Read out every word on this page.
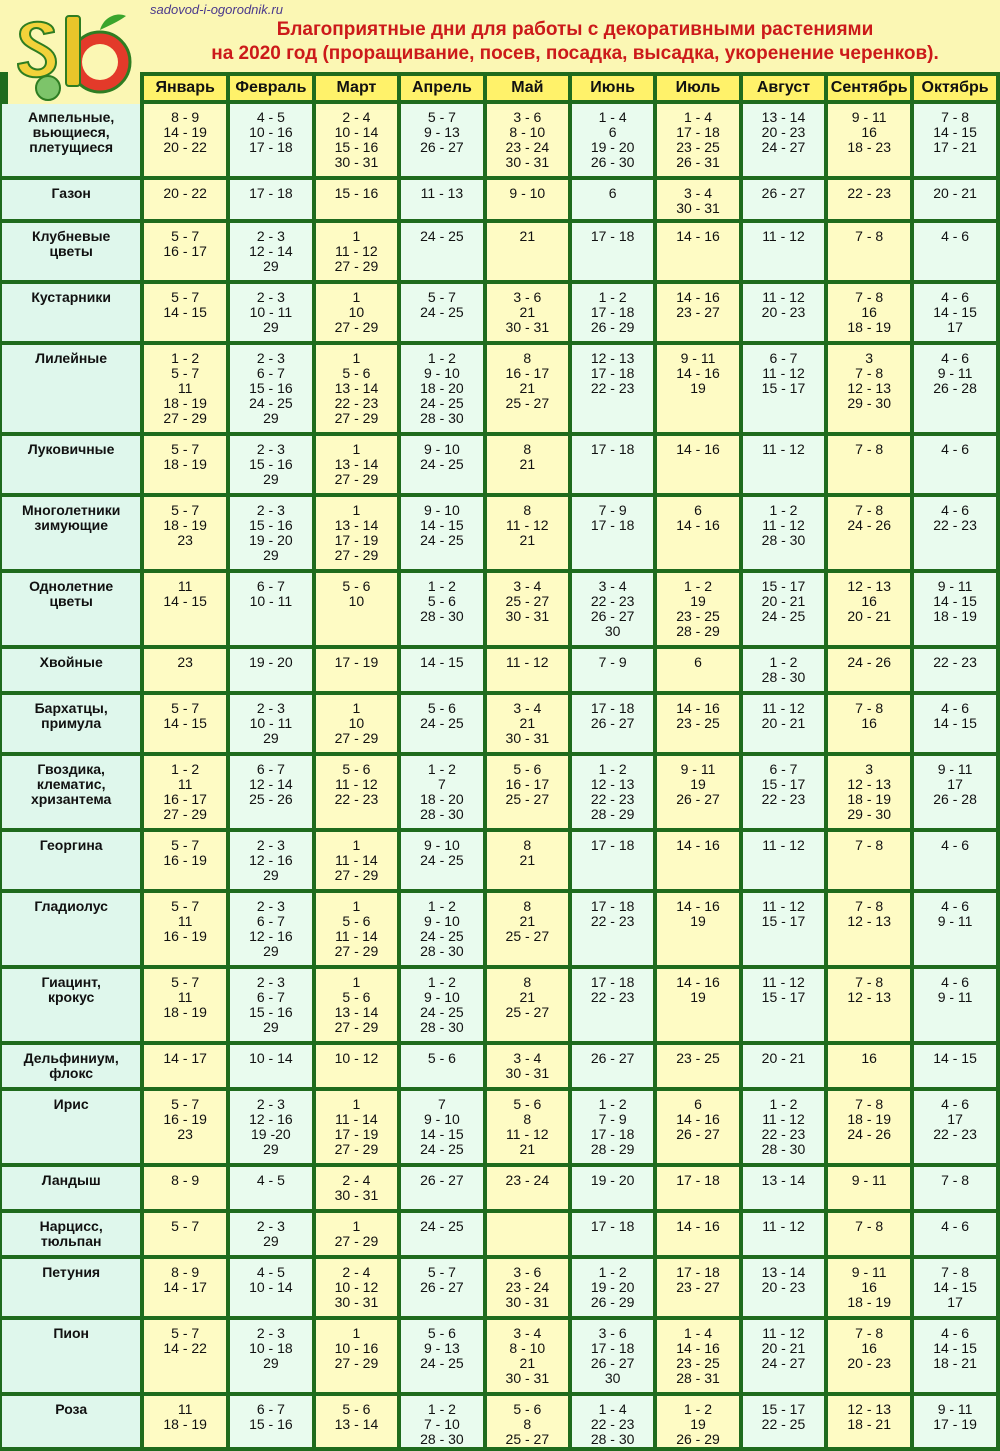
sadovod-i-ogorodnik.ru
Благоприятные дни для работы с декоративными растениями
на 2020 год (проращивание, посев, посадка, высадка, укоренение черенков).
	Январь	Февраль	Март	Апрель	Май	Июнь	Июль	Август	Сентябрь	Октябрь
Ампельные,
вьющиеся,
плетущиеся	8 - 9
14 - 19
20 - 22	4 - 5
10 - 16
17 - 18	2 - 4
10 - 14
15 - 16
30 - 31	5 - 7
9 - 13
26 - 27	3 - 6
8 - 10
23 - 24
30 - 31	1 - 4
6
19 - 20
26 - 30	1 - 4
17 - 18
23 - 25
26 - 31	13 - 14
20 - 23
24 - 27	9 - 11
16
18 - 23	7 - 8
14 - 15
17 - 21
Газон	20 - 22	17 - 18	15 - 16	11 - 13	9 - 10	6	3 - 4
30 - 31	26 - 27	22 - 23	20 - 21
Клубневые
цветы	5 - 7
16 - 17	2 - 3
12 - 14
29	1
11 - 12
27 - 29	24 - 25	21	17 - 18	14 - 16	11 - 12	7 - 8	4 - 6
Кустарники	5 - 7
14 - 15	2 - 3
10 - 11
29	1
10
27 - 29	5 - 7
24 - 25	3 - 6
21
30 - 31	1 - 2
17 - 18
26 - 29	14 - 16
23 - 27	11 - 12
20 - 23	7 - 8
16
18 - 19	4 - 6
14 - 15
17
Лилейные	1 - 2
5 - 7
11
18 - 19
27 - 29	2 - 3
6 - 7
15 - 16
24 - 25
29	1
5 - 6
13 - 14
22 - 23
27 - 29	1 - 2
9 - 10
18 - 20
24 - 25
28 - 30	8
16 - 17
21
25 - 27	12 - 13
17 - 18
22 - 23	9 - 11
14 - 16
19	6 - 7
11 - 12
15 - 17	3
7 - 8
12 - 13
29 - 30	4 - 6
9 - 11
26 - 28
Луковичные	5 - 7
18 - 19	2 - 3
15 - 16
29	1
13 - 14
27 - 29	9 - 10
24 - 25	8
21	17 - 18	14 - 16	11 - 12	7 - 8	4 - 6
Многолетники
зимующие	5 - 7
18 - 19
23	2 - 3
15 - 16
19 - 20
29	1
13 - 14
17 - 19
27 - 29	9 - 10
14 - 15
24 - 25	8
11 - 12
21	7 - 9
17 - 18	6
14 - 16	1 - 2
11 - 12
28 - 30	7 - 8
24 - 26	4 - 6
22 - 23
Однолетние
цветы	11
14 - 15	6 - 7
10 - 11	5 - 6
10	1 - 2
5 - 6
28 - 30	3 - 4
25 - 27
30 - 31	3 - 4
22 - 23
26 - 27
30	1 - 2
19
23 - 25
28 - 29	15 - 17
20 - 21
24 - 25	12 - 13
16
20 - 21	9 - 11
14 - 15
18 - 19
Хвойные	23	19 - 20	17 - 19	14 - 15	11 - 12	7 - 9	6	1 - 2
28 - 30	24 - 26	22 - 23
Бархатцы,
примула	5 - 7
14 - 15	2 - 3
10 - 11
29	1
10
27 - 29	5 - 6
24 - 25	3 - 4
21
30 - 31	17 - 18
26 - 27	14 - 16
23 - 25	11 - 12
20 - 21	7 - 8
16	4 - 6
14 - 15
Гвоздика,
клематис,
хризантема	1 - 2
11
16 - 17
27 - 29	6 - 7
12 - 14
25 - 26	5 - 6
11 - 12
22 - 23	1 - 2
7
18 - 20
28 - 30	5 - 6
16 - 17
25 - 27	1 - 2
12 - 13
22 - 23
28 - 29	9 - 11
19
26 - 27	6 - 7
15 - 17
22 - 23	3
12 - 13
18 - 19
29 - 30	9 - 11
17
26 - 28
Георгина	5 - 7
16 - 19	2 - 3
12 - 16
29	1
11 - 14
27 - 29	9 - 10
24 - 25	8
21	17 - 18	14 - 16	11 - 12	7 - 8	4 - 6
Гладиолус	5 - 7
11
16 - 19	2 - 3
6 - 7
12 - 16
29	1
5 - 6
11 - 14
27 - 29	1 - 2
9 - 10
24 - 25
28 - 30	8
21
25 - 27	17 - 18
22 - 23	14 - 16
19	11 - 12
15 - 17	7 - 8
12 - 13	4 - 6
9 - 11
Гиацинт,
крокус	5 - 7
11
18 - 19	2 - 3
6 - 7
15 - 16
29	1
5 - 6
13 - 14
27 - 29	1 - 2
9 - 10
24 - 25
28 - 30	8
21
25 - 27	17 - 18
22 - 23	14 - 16
19	11 - 12
15 - 17	7 - 8
12 - 13	4 - 6
9 - 11
Дельфиниум,
флокс	14 - 17	10 - 14	10 - 12	5 - 6	3 - 4
30 - 31	26 - 27	23 - 25	20 - 21	16	14 - 15
Ирис	5 - 7
16 - 19
23	2 - 3
12 - 16
19 -20
29	1
11 - 14
17 - 19
27 - 29	7
9 - 10
14 - 15
24 - 25	5 - 6
8
11 - 12
21	1 - 2
7 - 9
17 - 18
28 - 29	6
14 - 16
26 - 27	1 - 2
11 - 12
22 - 23
28 - 30	7 - 8
18 - 19
24 - 26	4 - 6
17
22 - 23
Ландыш	8 - 9	4 - 5	2 - 4
30 - 31	26 - 27	23 - 24	19 - 20	17 - 18	13 - 14	9 - 11	7 - 8
Нарцисс,
тюльпан	5 - 7	2 - 3
29	1
27 - 29	24 - 25		17 - 18	14 - 16	11 - 12	7 - 8	4 - 6
Петуния	8 - 9
14 - 17	4 - 5
10 - 14	2 - 4
10 - 12
30 - 31	5 - 7
26 - 27	3 - 6
23 - 24
30 - 31	1 - 2
19 - 20
26 - 29	17 - 18
23 - 27	13 - 14
20 - 23	9 - 11
16
18 - 19	7 - 8
14 - 15
17
Пион	5 - 7
14 - 22	2 - 3
10 - 18
29	1
10 - 16
27 - 29	5 - 6
9 - 13
24 - 25	3 - 4
8 - 10
21
30 - 31	3 - 6
17 - 18
26 - 27
30	1 - 4
14 - 16
23 - 25
28 - 31	11 - 12
20 - 21
24 - 27	7 - 8
16
20 - 23	4 - 6
14 - 15
18 - 21
Роза	11
18 - 19	6 - 7
15 - 16	5 - 6
13 - 14	1 - 2
7 - 10
28 - 30	5 - 6
8
25 - 27	1 - 4
22 - 23
28 - 30	1 - 2
19
26 - 29	15 - 17
22 - 25	12 - 13
18 - 21	9 - 11
17 - 19
